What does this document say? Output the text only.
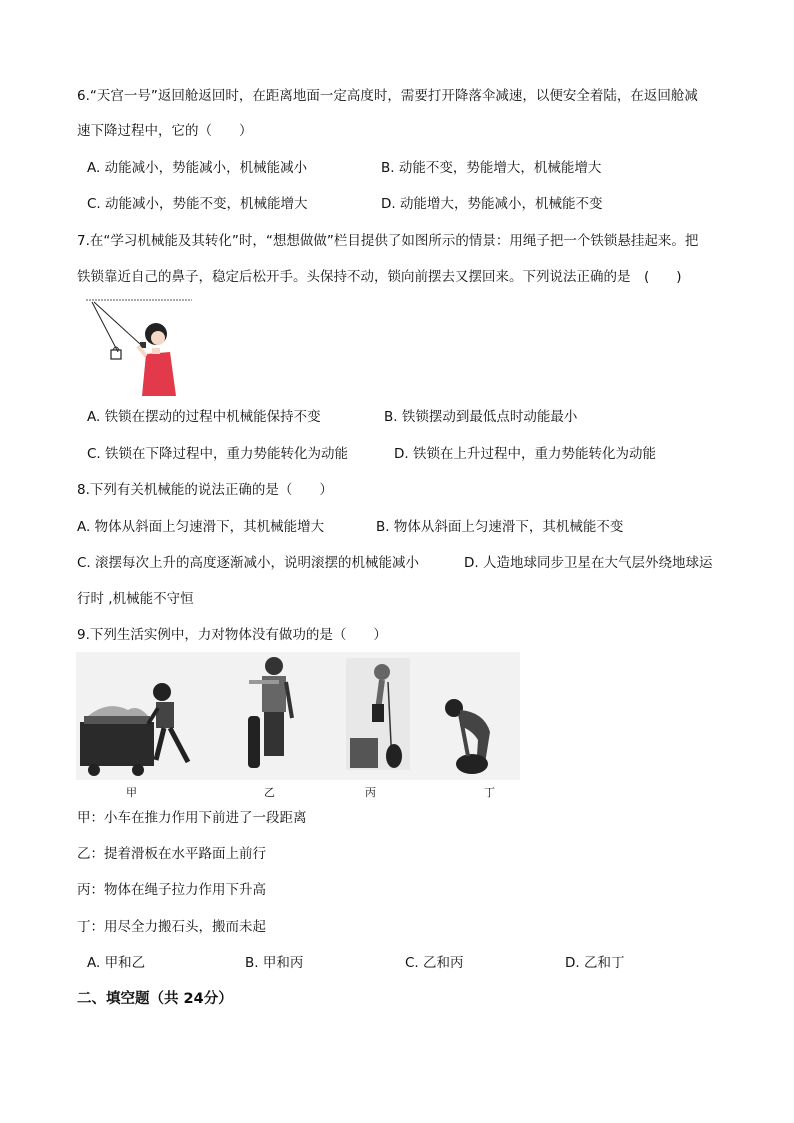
6.“天宫一号”返回舱返回时，在距离地面一定高度时，需要打开降落伞减速，以便安全着陆，在返回舱减
速下降过程中，它的（　　）
A. 动能减小，势能减小，机械能减小	B. 动能不变，势能增大，机械能增大
C. 动能减小，势能不变，机械能增大	D. 动能增大，势能减小，机械能不变
7.在“学习机械能及其转化”时，“想想做做”栏目提供了如图所示的情景：用绳子把一个铁锁悬挂起来。把
铁锁靠近自己的鼻子，稳定后松开手。头保持不动，锁向前摆去又摆回来。下列说法正确的是　(　　)
A. 铁锁在摆动的过程中机械能保持不变	B. 铁锁摆动到最低点时动能最小
C. 铁锁在下降过程中，重力势能转化为动能	D. 铁锁在上升过程中，重力势能转化为动能
8.下列有关机械能的说法正确的是（　　）
A. 物体从斜面上匀速滑下，其机械能增大	B. 物体从斜面上匀速滑下，其机械能不变
C. 滚摆每次上升的高度逐渐减小，说明滚摆的机械能减小	D. 人造地球同步卫星在大气层外绕地球运
行时 ,机械能不守恒
9.下列生活实例中，力对物体没有做功的是（　　）
甲	乙	丙	丁
甲：小车在推力作用下前进了一段距离
乙：提着滑板在水平路面上前行
丙：物体在绳子拉力作用下升高
丁：用尽全力搬石头，搬而未起
A. 甲和乙	B. 甲和丙	C. 乙和丙	D. 乙和丁
二、填空题（共 24分）
